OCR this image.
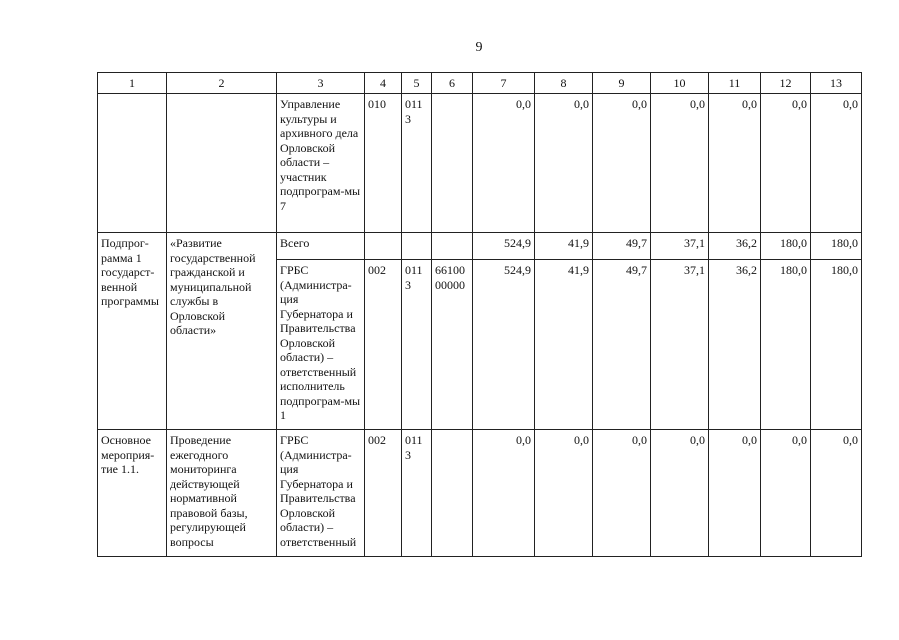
9
1	2	3	4	5	6	7	8	9	10	11	12	13
		Управление культуры и архивного дела Орловской области – участник подпрограм-мы 7	010	0113		0,0	0,0	0,0	0,0	0,0	0,0	0,0
Подпрог-рамма 1 государст-венной программы	«Развитие государственной гражданской и муниципальной службы в Орловской области»	Всего				524,9	41,9	49,7	37,1	36,2	180,0	180,0
		ГРБС (Администра-ция Губернатора и Правительства Орловской области) – ответственный исполнитель подпрограм-мы 1	002	0113	6610000000	524,9	41,9	49,7	37,1	36,2	180,0	180,0
Основное мероприя-тие 1.1.	Проведение ежегодного мониторинга действующей нормативной правовой базы, регулирующей вопросы	ГРБС (Администра-ция Губернатора и Правительства Орловской области) – ответственный	002	0113		0,0	0,0	0,0	0,0	0,0	0,0	0,0
